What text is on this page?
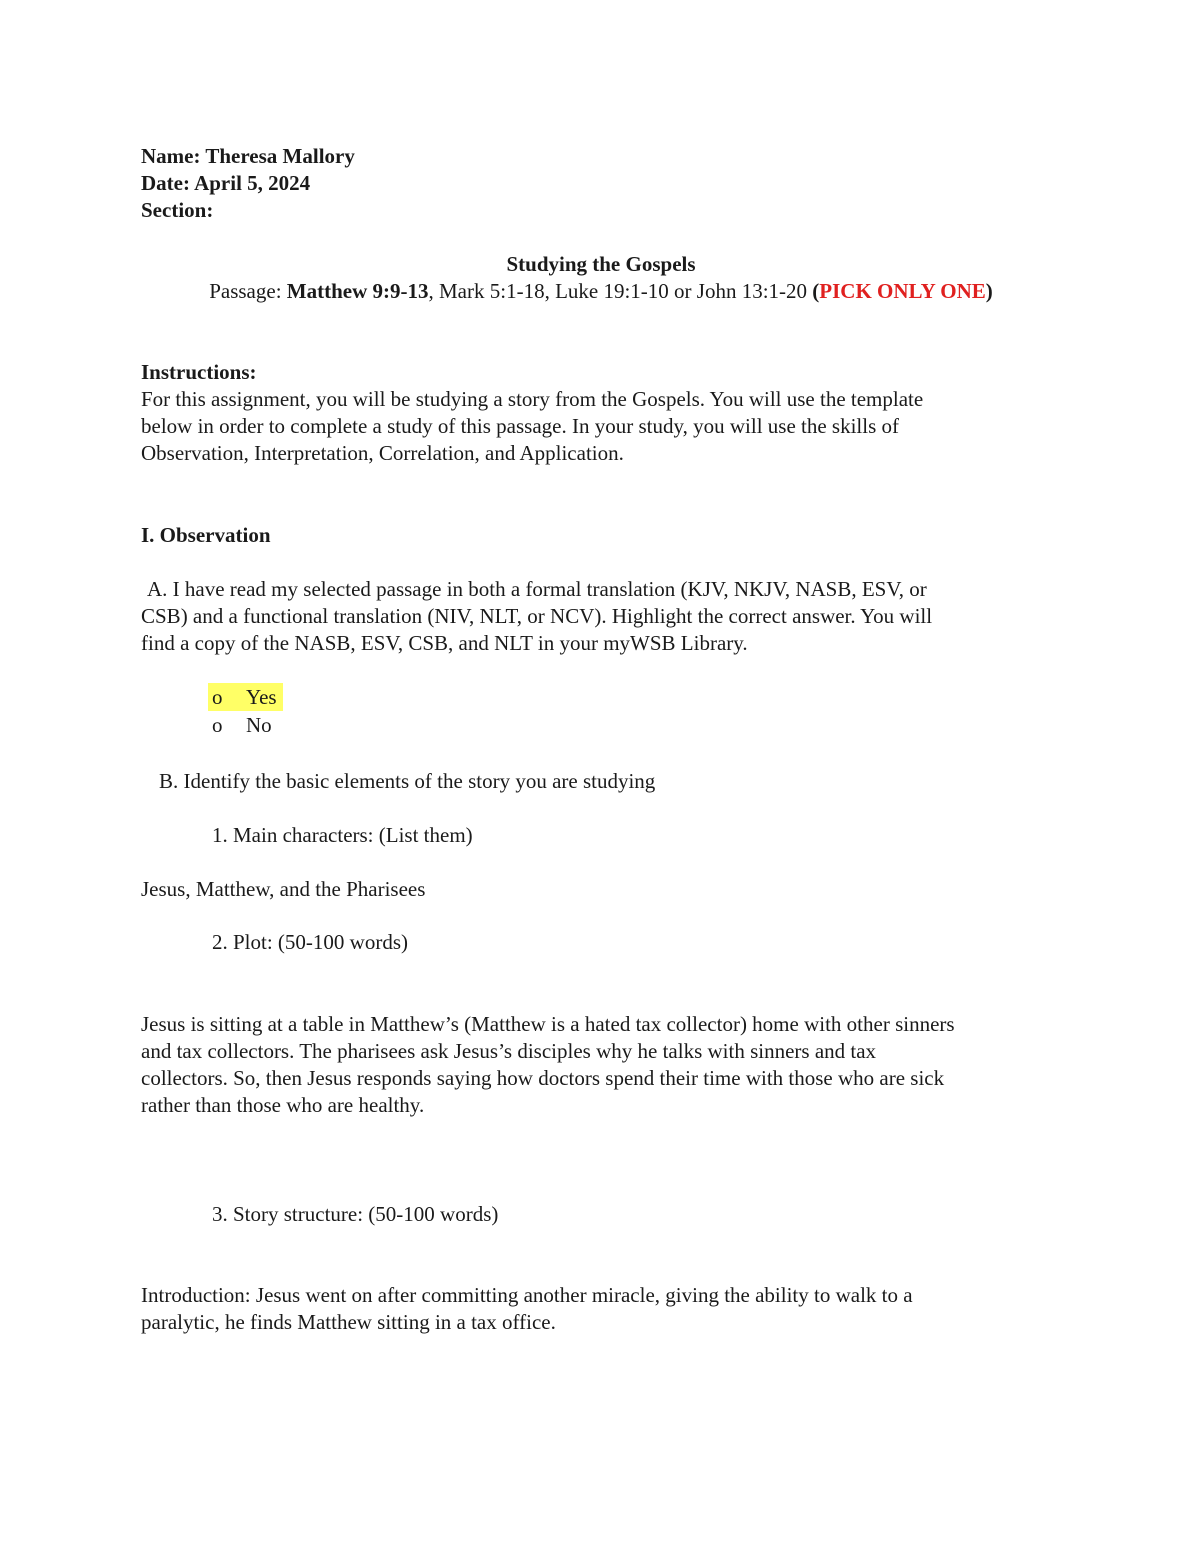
Name: Theresa Mallory

Date: April 5, 2024

Section:

Studying the Gospels

Passage: Matthew 9:9-13, Mark 5:1-18, Luke 19:1-10 or John 13:1-20 (PICK ONLY ONE)

Instructions:

For this assignment, you will be studying a story from the Gospels. You will use the template

below in order to complete a study of this passage. In your study, you will use the skills of

Observation, Interpretation, Correlation, and Application.

I. Observation

A. I have read my selected passage in both a formal translation (KJV, NKJV, NASB, ESV, or

CSB) and a functional translation (NIV, NLT, or NCV). Highlight the correct answer. You will

find a copy of the NASB, ESV, CSB, and NLT in your myWSB Library.

o Yes
o No

B. Identify the basic elements of the story you are studying

1. Main characters: (List them)

Jesus, Matthew, and the Pharisees

2. Plot: (50-100 words)

Jesus is sitting at a table in Matthew’s (Matthew is a hated tax collector) home with other sinners

and tax collectors. The pharisees ask Jesus’s disciples why he talks with sinners and tax

collectors. So, then Jesus responds saying how doctors spend their time with those who are sick

rather than those who are healthy.

3. Story structure: (50-100 words)

Introduction: Jesus went on after committing another miracle, giving the ability to walk to a

paralytic, he finds Matthew sitting in a tax office.
